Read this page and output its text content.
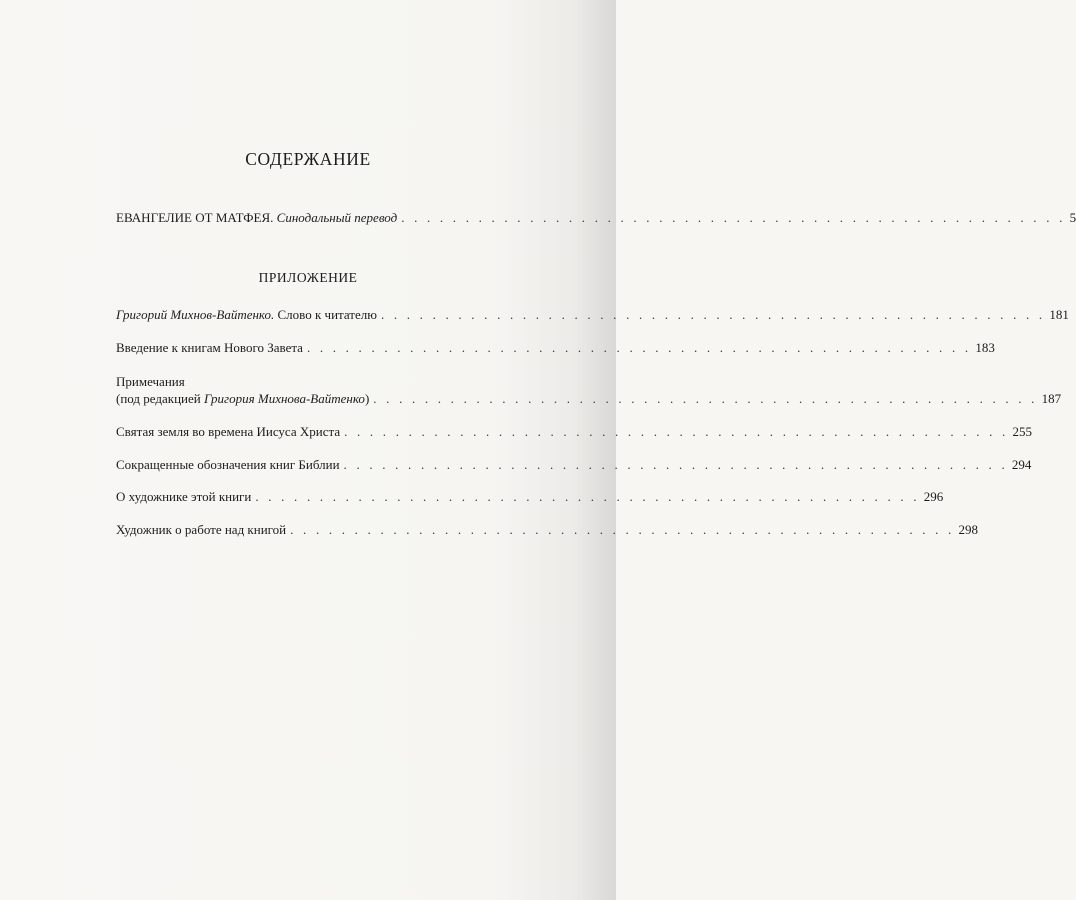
СОДЕРЖАНИЕ
ЕВАНГЕЛИЕ ОТ МАТФЕЯ. Синодальный перевод . . . . . . . . . . . . . . . . . . . . . . . . . . . . . . . . . . . . . . . . . . . . . . . . . . . . 5
ПРИЛОЖЕНИЕ
Григорий Михнов-Вайтенко. Слово к читателю . . . . . . . . . . . . . . . . . . . . . . . . . . . . . . . . . . . . . . . . . . . . . . . . . . . . 181
Введение к книгам Нового Завета . . . . . . . . . . . . . . . . . . . . . . . . . . . . . . . . . . . . . . . . . . . . . . . . . . . . 183
Примечания
(под редакцией Григория Михнова-Вайтенко) . . . . . . . . . . . . . . . . . . . . . . . . . . . . . . . . . . . . . . . . . . . . . . . . . . . . 187
Святая земля во времена Иисуса Христа . . . . . . . . . . . . . . . . . . . . . . . . . . . . . . . . . . . . . . . . . . . . . . . . . . . . 255
Сокращенные обозначения книг Библии . . . . . . . . . . . . . . . . . . . . . . . . . . . . . . . . . . . . . . . . . . . . . . . . . . . . 294
О художнике этой книги . . . . . . . . . . . . . . . . . . . . . . . . . . . . . . . . . . . . . . . . . . . . . . . . . . . . 296
Художник о работе над книгой . . . . . . . . . . . . . . . . . . . . . . . . . . . . . . . . . . . . . . . . . . . . . . . . . . . . 298
